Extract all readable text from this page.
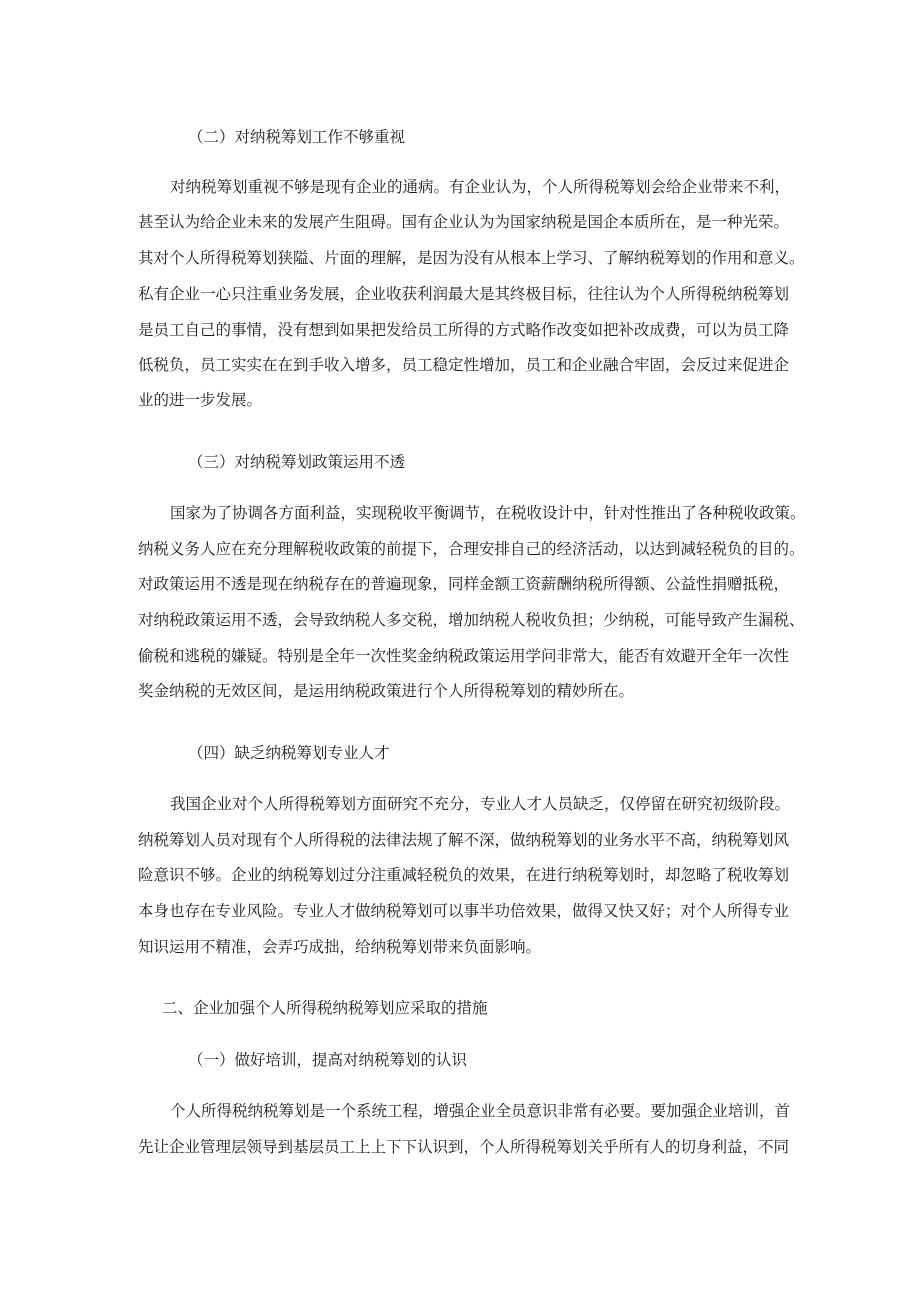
（二）对纳税筹划工作不够重视

对纳税筹划重视不够是现有企业的通病。有企业认为，个人所得税筹划会给企业带来不利，

甚至认为给企业未来的发展产生阻碍。国有企业认为为国家纳税是国企本质所在，是一种光荣。

其对个人所得税筹划狭隘、片面的理解，是因为没有从根本上学习、了解纳税筹划的作用和意义。

私有企业一心只注重业务发展，企业收获利润最大是其终极目标，往往认为个人所得税纳税筹划

是员工自己的事情，没有想到如果把发给员工所得的方式略作改变如把补改成费，可以为员工降

低税负，员工实实在在到手收入增多，员工稳定性增加，员工和企业融合牢固，会反过来促进企

业的进一步发展。

（三）对纳税筹划政策运用不透

国家为了协调各方面利益，实现税收平衡调节，在税收设计中，针对性推出了各种税收政策。

纳税义务人应在充分理解税收政策的前提下，合理安排自己的经济活动，以达到减轻税负的目的。

对政策运用不透是现在纳税存在的普遍现象，同样金额工资薪酬纳税所得额、公益性捐赠抵税，

对纳税政策运用不透，会导致纳税人多交税，增加纳税人税收负担；少纳税，可能导致产生漏税、

偷税和逃税的嫌疑。特别是全年一次性奖金纳税政策运用学问非常大，能否有效避开全年一次性

奖金纳税的无效区间，是运用纳税政策进行个人所得税筹划的精妙所在。

（四）缺乏纳税筹划专业人才

我国企业对个人所得税筹划方面研究不充分，专业人才人员缺乏，仅停留在研究初级阶段。

纳税筹划人员对现有个人所得税的法律法规了解不深，做纳税筹划的业务水平不高，纳税筹划风

险意识不够。企业的纳税筹划过分注重减轻税负的效果，在进行纳税筹划时，却忽略了税收筹划

本身也存在专业风险。专业人才做纳税筹划可以事半功倍效果，做得又快又好；对个人所得专业

知识运用不精准，会弄巧成拙，给纳税筹划带来负面影响。

二、企业加强个人所得税纳税筹划应采取的措施

（一）做好培训，提高对纳税筹划的认识

个人所得税纳税筹划是一个系统工程，增强企业全员意识非常有必要。要加强企业培训，首

先让企业管理层领导到基层员工上上下下认识到，个人所得税筹划关乎所有人的切身利益，不同
